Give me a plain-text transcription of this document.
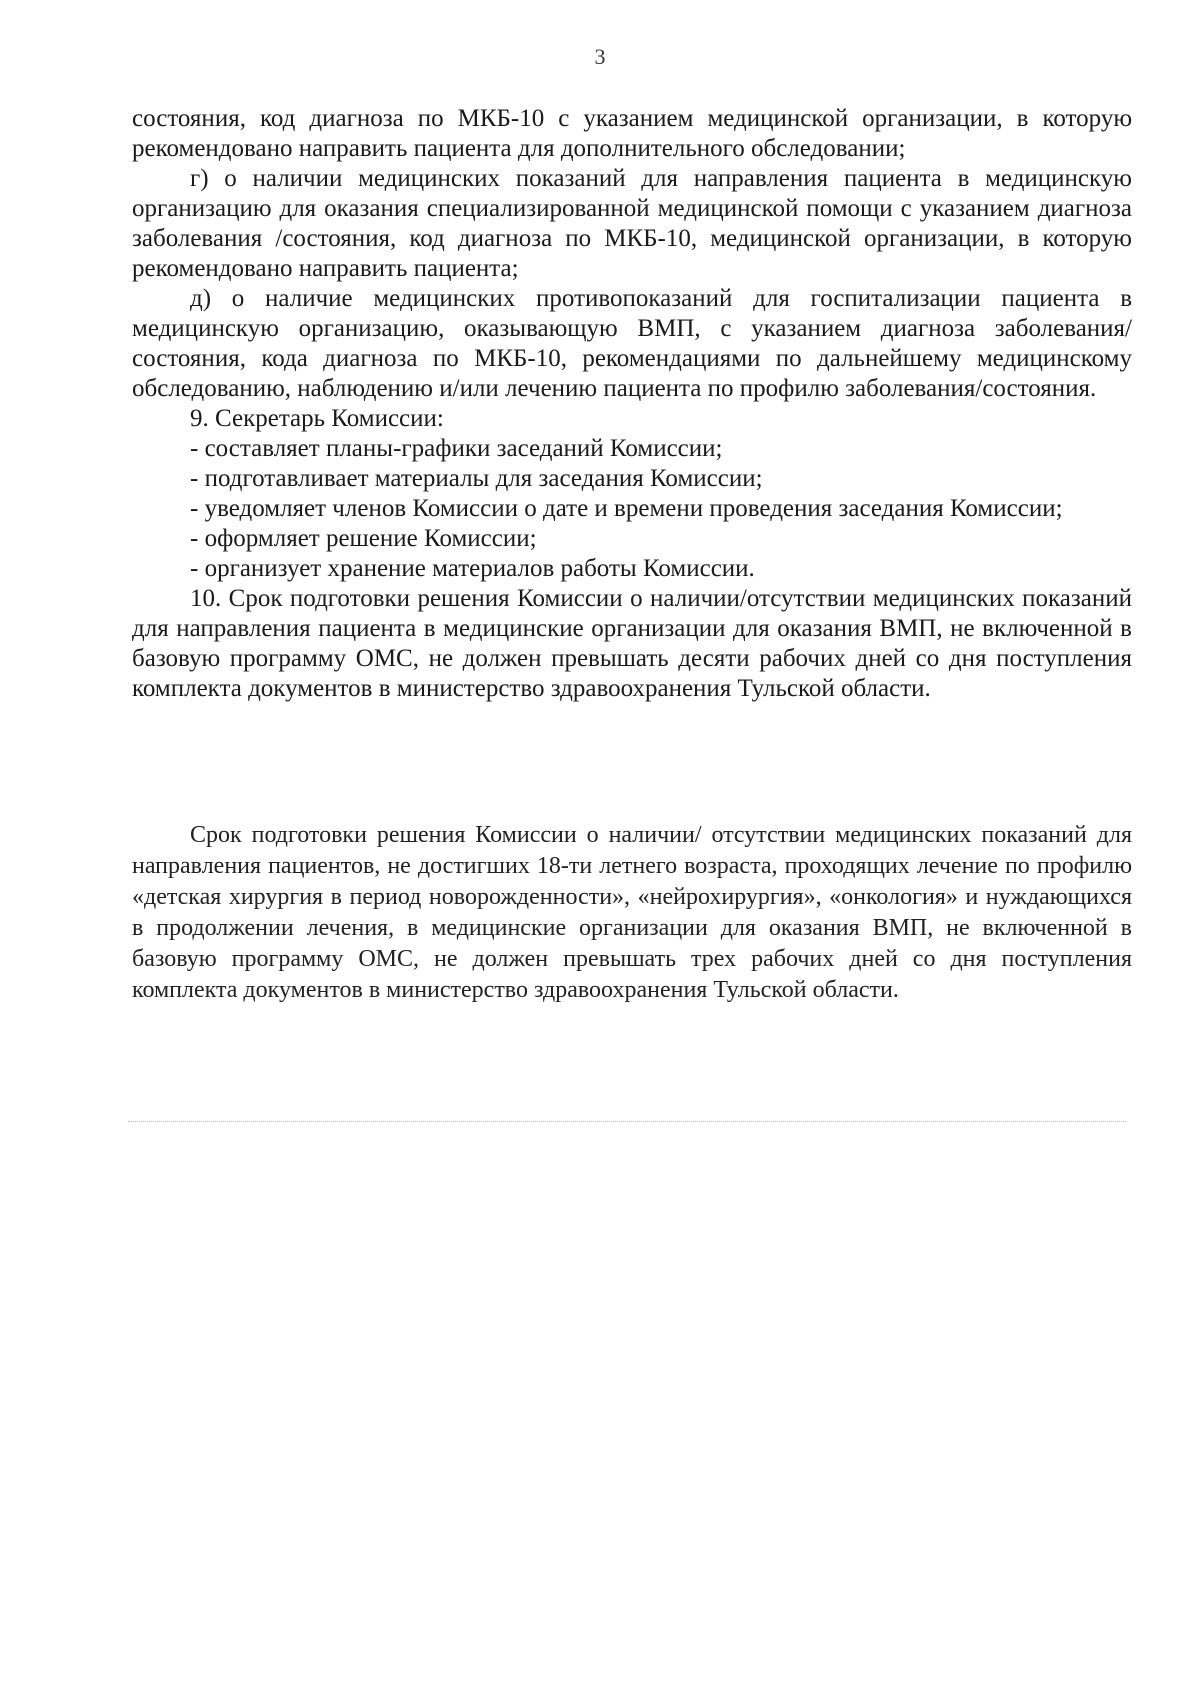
3

состояния, код диагноза по МКБ-10 с указанием медицинской организации, в которую рекомендовано направить пациента для дополнительного обследовании;

г) о наличии медицинских показаний для направления пациента в медицинскую организацию для оказания специализированной медицинской помощи с указанием диагноза заболевания /состояния, код диагноза по МКБ-10, медицинской организации, в которую рекомендовано направить пациента;

д) о наличие медицинских противопоказаний для госпитализации пациента в медицинскую организацию, оказывающую ВМП, с указанием диагноза заболевания/состояния, кода диагноза по МКБ-10, рекомендациями по дальнейшему медицинскому обследованию, наблюдению и/или лечению пациента по профилю заболевания/состояния.

9. Секретарь Комиссии:

- составляет планы-графики заседаний Комиссии;

- подготавливает материалы для заседания Комиссии;

- уведомляет членов Комиссии о дате и времени проведения заседания Комиссии;

- оформляет решение Комиссии;

- организует хранение материалов работы Комиссии.

10. Срок подготовки решения Комиссии о наличии/отсутствии медицинских показаний для направления пациента в медицинские организации для оказания ВМП, не включенной в базовую программу ОМС, не должен превышать десяти рабочих дней со дня поступления комплекта документов в министерство здравоохранения Тульской области.

Срок подготовки решения Комиссии о наличии/ отсутствии медицинских показаний для направления пациентов, не достигших 18-ти летнего возраста, проходящих лечение по профилю «детская хирургия в период новорожденности», «нейрохирургия», «онкология» и нуждающихся в продолжении лечения, в медицинские организации для оказания ВМП, не включенной в базовую программу ОМС, не должен превышать трех рабочих дней со дня поступления комплекта документов в министерство здравоохранения Тульской области.
